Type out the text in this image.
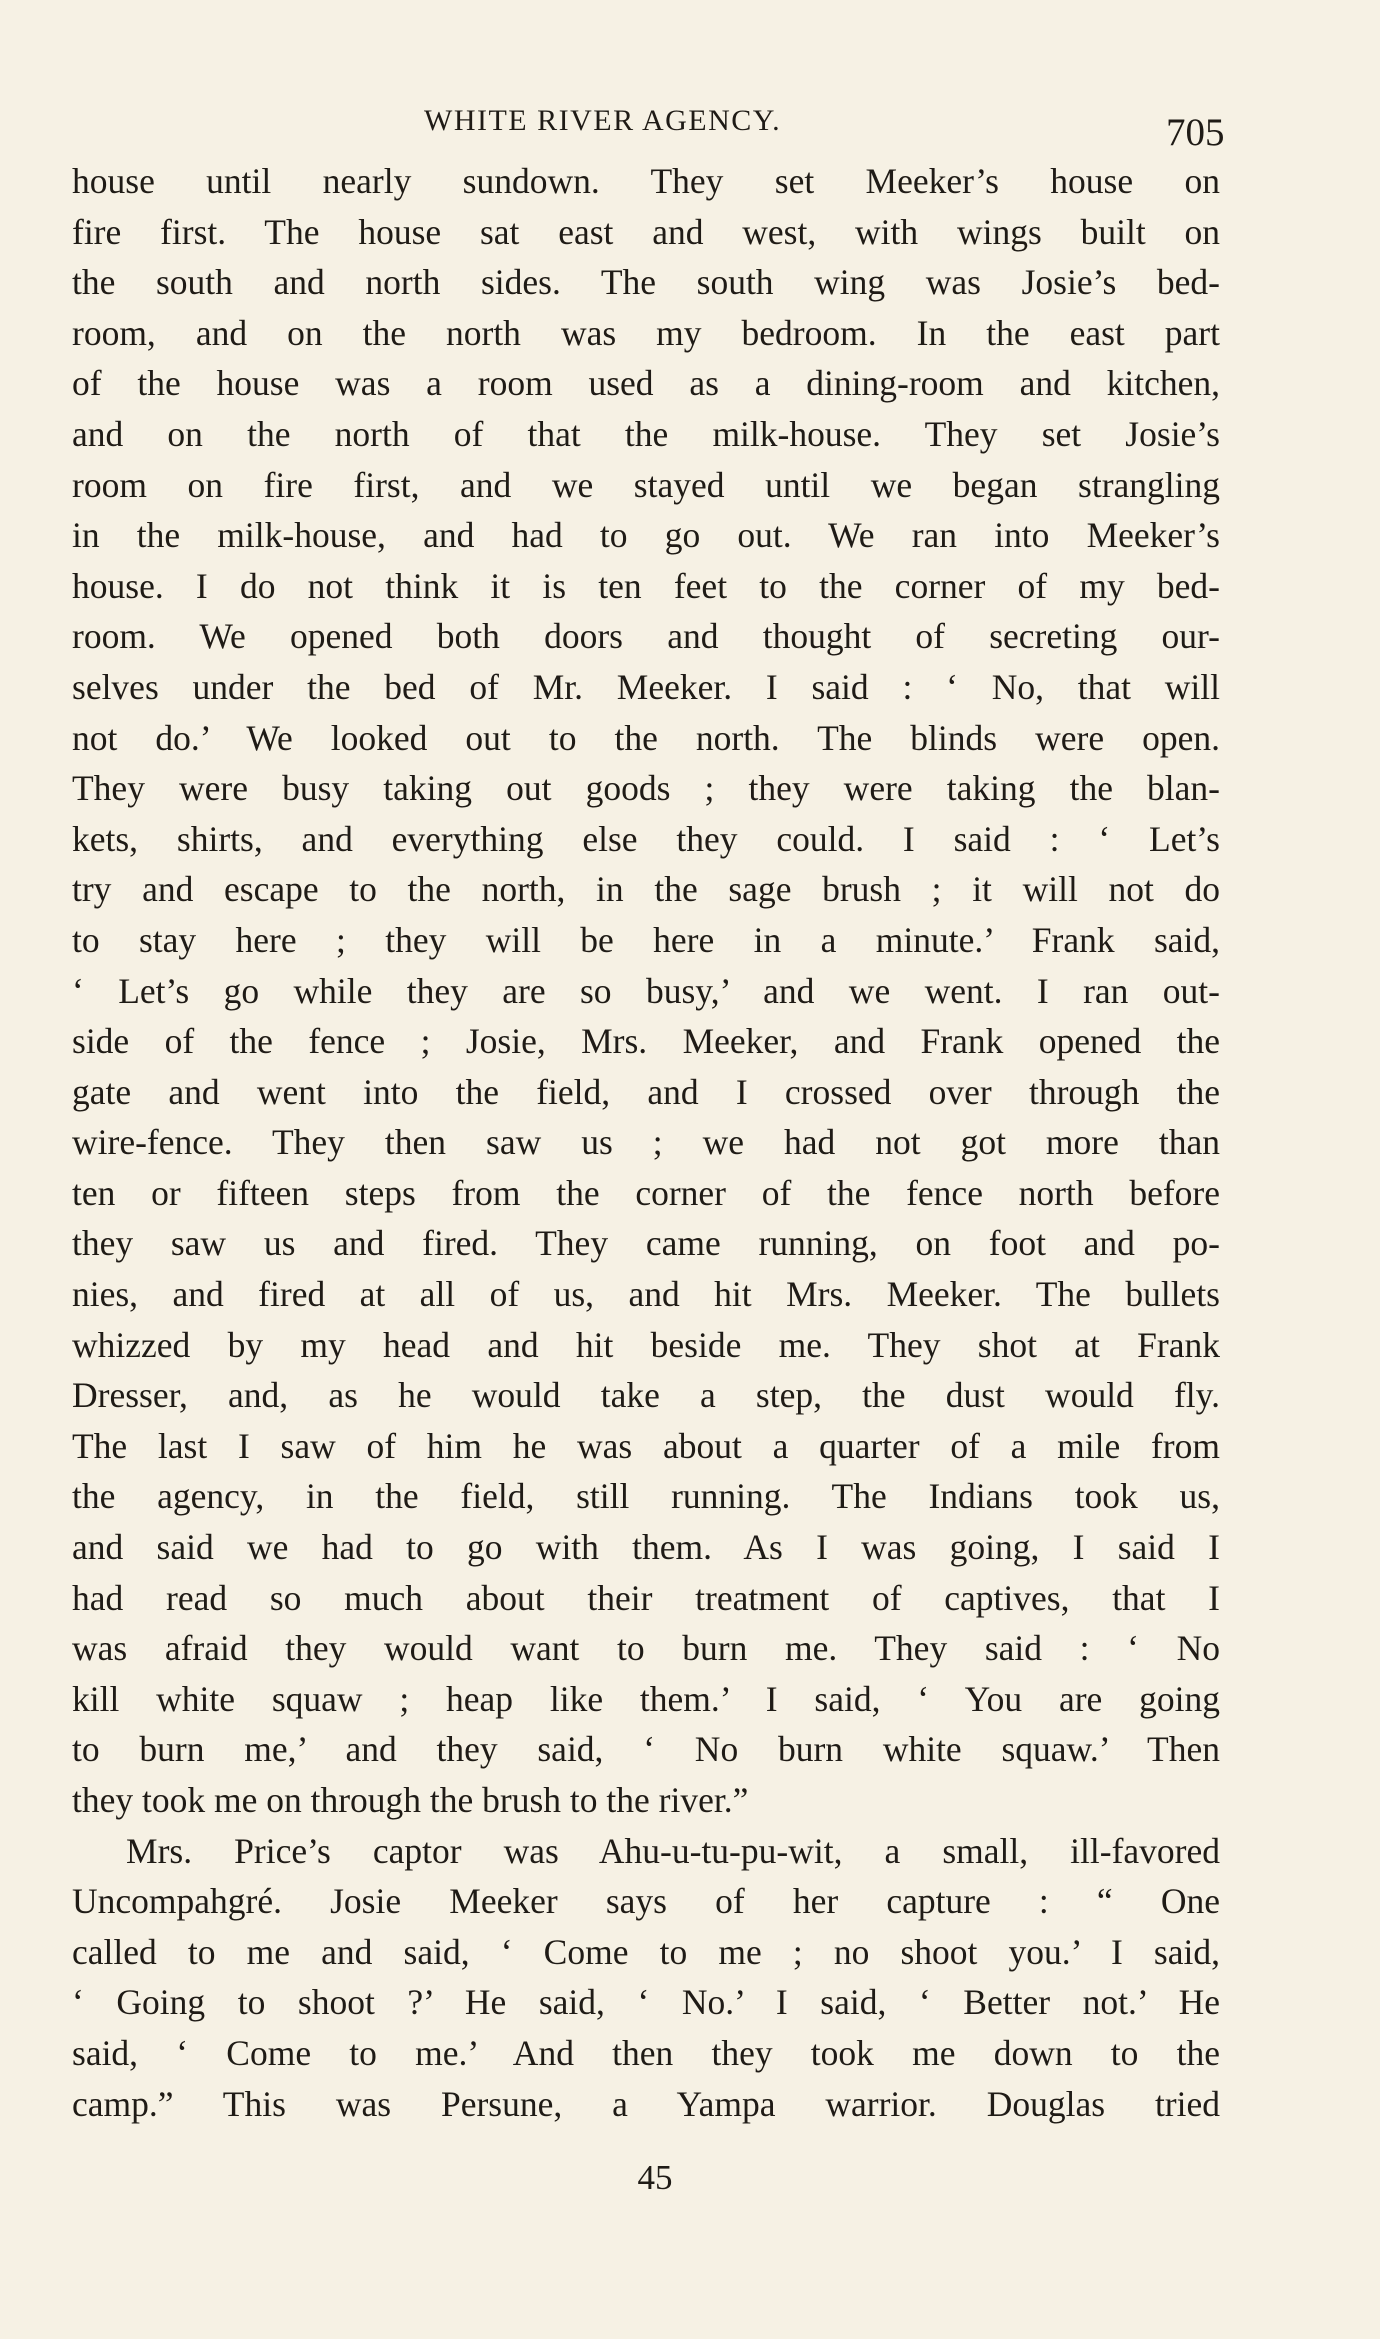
WHITE RIVER AGENCY.	705
house until nearly sundown. They set Meeker’s house on
fire first. The house sat east and west, with wings built on
the south and north sides. The south wing was Josie’s bed-
room, and on the north was my bedroom. In the east part
of the house was a room used as a dining-room and kitchen,
and on the north of that the milk-house. They set Josie’s
room on fire first, and we stayed until we began strangling
in the milk-house, and had to go out. We ran into Meeker’s
house. I do not think it is ten feet to the corner of my bed-
room. We opened both doors and thought of secreting our-
selves under the bed of Mr. Meeker. I said : ‘ No, that will
not do.’ We looked out to the north. The blinds were open.
They were busy taking out goods ; they were taking the blan-
kets, shirts, and everything else they could. I said : ‘ Let’s
try and escape to the north, in the sage brush ; it will not do
to stay here ; they will be here in a minute.’ Frank said,
‘ Let’s go while they are so busy,’ and we went. I ran out-
side of the fence ; Josie, Mrs. Meeker, and Frank opened the
gate and went into the field, and I crossed over through the
wire-fence. They then saw us ; we had not got more than
ten or fifteen steps from the corner of the fence north before
they saw us and fired. They came running, on foot and po-
nies, and fired at all of us, and hit Mrs. Meeker. The bullets
whizzed by my head and hit beside me. They shot at Frank
Dresser, and, as he would take a step, the dust would fly.
The last I saw of him he was about a quarter of a mile from
the agency, in the field, still running. The Indians took us,
and said we had to go with them. As I was going, I said I
had read so much about their treatment of captives, that I
was afraid they would want to burn me. They said : ‘ No
kill white squaw ; heap like them.’ I said, ‘ You are going
to burn me,’ and they said, ‘ No burn white squaw.’ Then
they took me on through the brush to the river.”
Mrs. Price’s captor was Ahu-u-tu-pu-wit, a small, ill-favored
Uncompahgré. Josie Meeker says of her capture : “ One
called to me and said, ‘ Come to me ; no shoot you.’ I said,
‘ Going to shoot ?’ He said, ‘ No.’ I said, ‘ Better not.’ He
said, ‘ Come to me.’ And then they took me down to the
camp.” This was Persune, a Yampa warrior. Douglas tried
45
